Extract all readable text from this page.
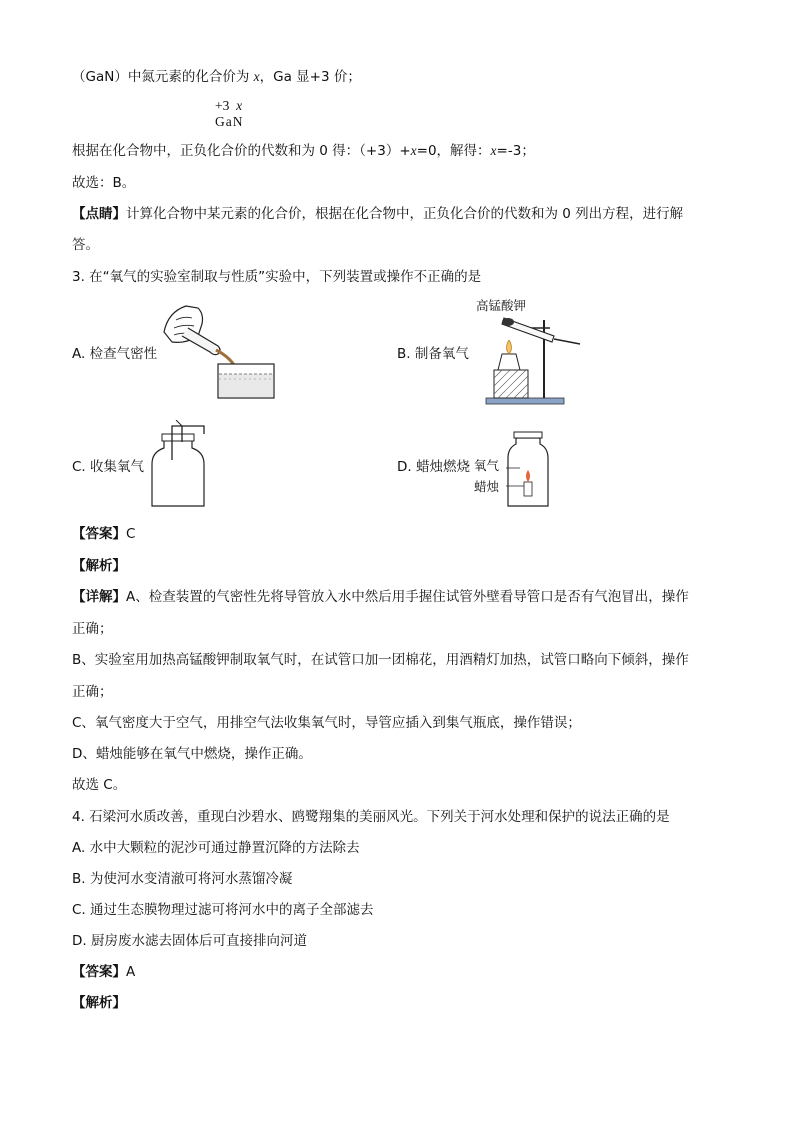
（GaN）中氮元素的化合价为 x，Ga 显+3 价；
+3 x
GaN
根据在化合物中，正负化合价的代数和为 0 得：（+3）+x=0，解得：x=-3；
故选：B。
【点睛】计算化合物中某元素的化合价，根据在化合物中，正负化合价的代数和为 0 列出方程，进行解
答。
3. 在“氧气的实验室制取与性质”实验中，下列装置或操作不正确的是
A. 检查气密性	B. 制备氧气
高锰酸钾
C. 收集氧气	D. 蜡烛燃烧 氧气
蜡烛
【答案】C
【解析】
【详解】A、检查装置的气密性先将导管放入水中然后用手握住试管外壁看导管口是否有气泡冒出，操作
正确；
B、实验室用加热高锰酸钾制取氧气时，在试管口加一团棉花，用酒精灯加热，试管口略向下倾斜，操作
正确；
C、氧气密度大于空气，用排空气法收集氧气时，导管应插入到集气瓶底，操作错误；
D、蜡烛能够在氧气中燃烧，操作正确。
故选 C。
4. 石梁河水质改善，重现白沙碧水、鸥鹭翔集的美丽风光。下列关于河水处理和保护的说法正确的是
A. 水中大颗粒的泥沙可通过静置沉降的方法除去
B. 为使河水变清澈可将河水蒸馏冷凝
C. 通过生态膜物理过滤可将河水中的离子全部滤去
D. 厨房废水滤去固体后可直接排向河道
【答案】A
【解析】
